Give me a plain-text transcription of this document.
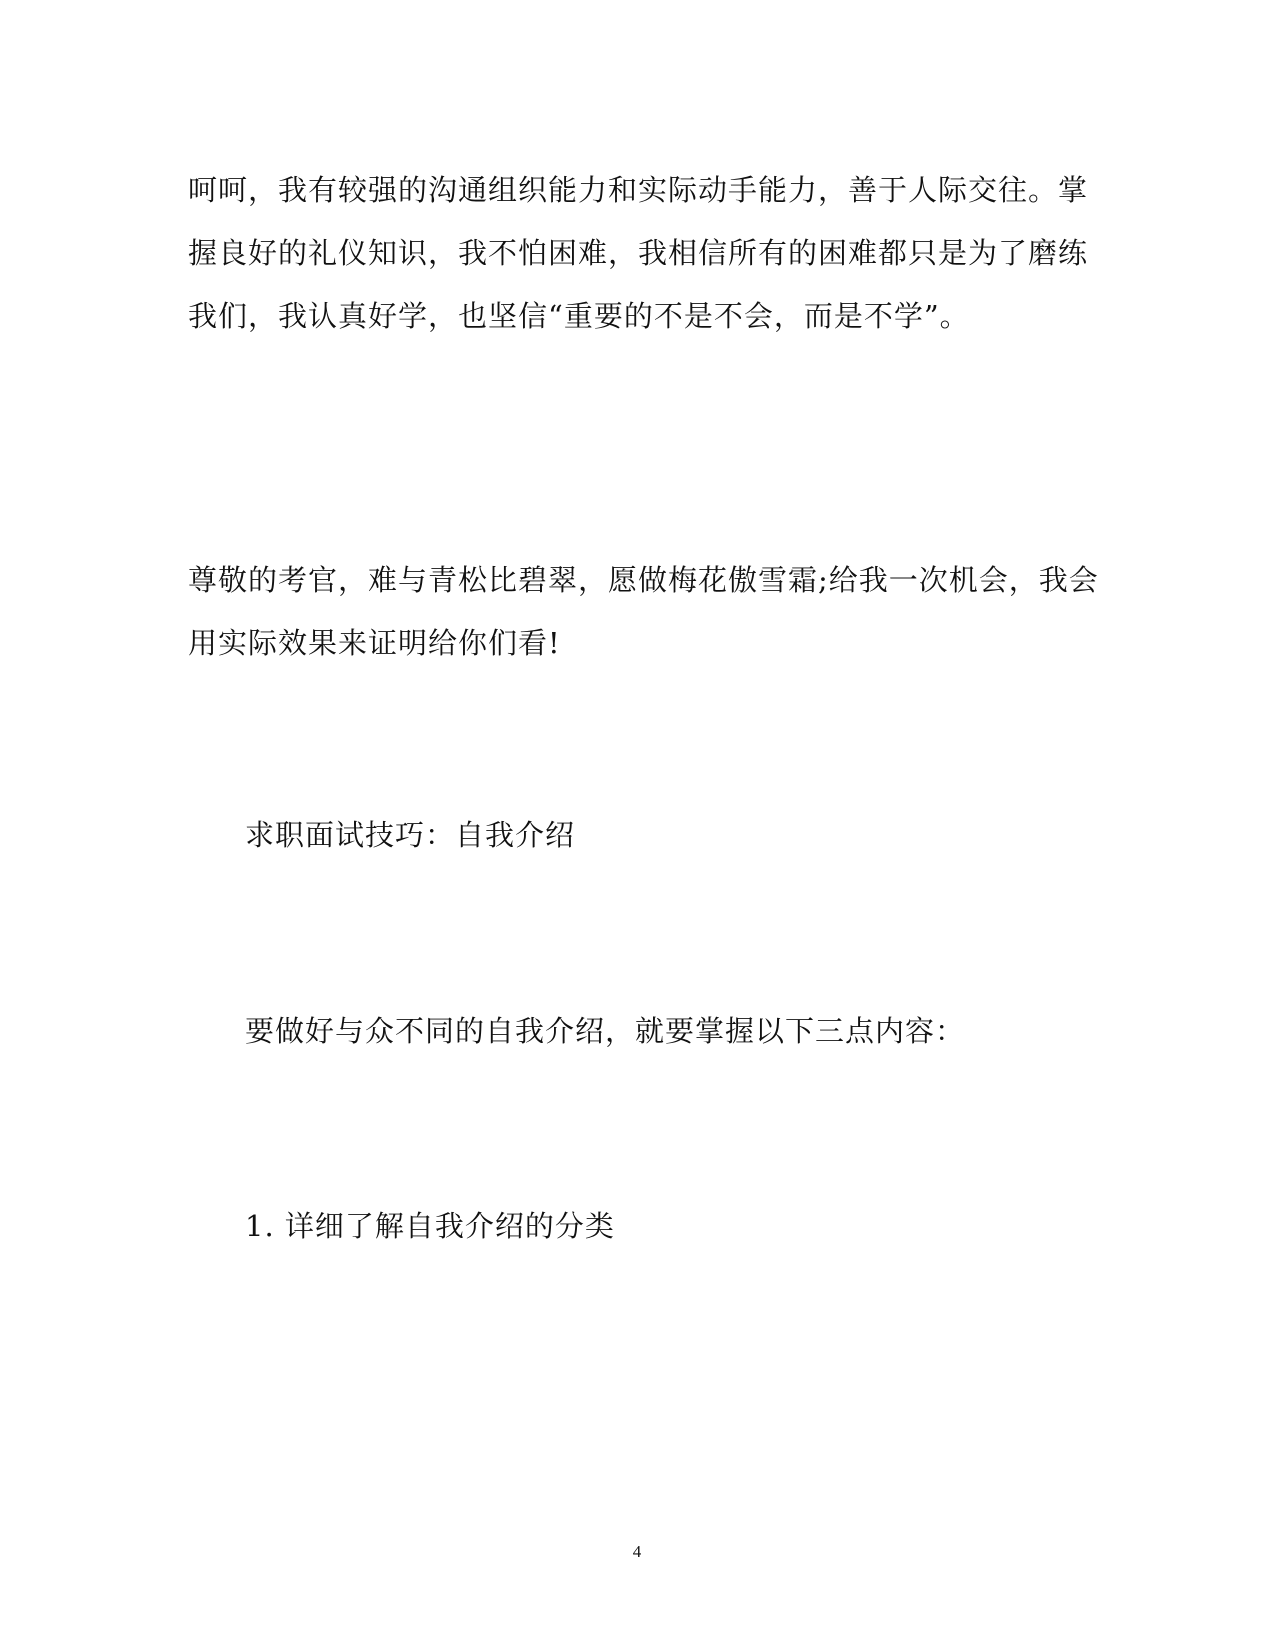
呵呵，我有较强的沟通组织能力和实际动手能力，善于人际交往。掌
握良好的礼仪知识，我不怕困难，我相信所有的困难都只是为了磨练
我们，我认真好学，也坚信“重要的不是不会，而是不学”。

尊敬的考官，难与青松比碧翠，愿做梅花傲雪霜;给我一次机会，我会
用实际效果来证明给你们看!

求职面试技巧：自我介绍

要做好与众不同的自我介绍，就要掌握以下三点内容：

1. 详细了解自我介绍的分类

4
